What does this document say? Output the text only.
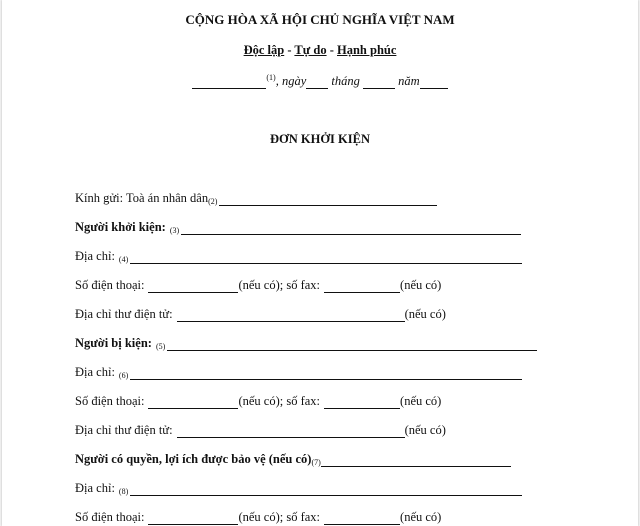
CỘNG HÒA XÃ HỘI CHỦ NGHĨA VIỆT NAM
Độc lập - Tự do - Hạnh phúc
$^{(1)}$, ngày tháng	năm
ĐƠN KHỞI KIỆN
Kính gửi: Toà án nhân dân$_{(2)}$
Người khởi kiện: $_{(3)}$
Địa chỉ: $_{(4)}$
Số điện thoại:	(nếu có) ; số fax:	(nếu có)
Địa chỉ thư điện tử:	(nếu có)
Người bị kiện: $_{(5)}$
Địa chỉ: $_{(6)}$
Số điện thoại:	(nếu có) ; số fax:	(nếu có)
Địa chỉ thư điện tử:	(nếu có)
Người có quyền, lợi ích được bảo vệ (nếu $có)_{(7)}$
Địa chỉ: $_{(8)}$
Số điện thoại:	(nếu có) ; số fax:	(nếu có)
